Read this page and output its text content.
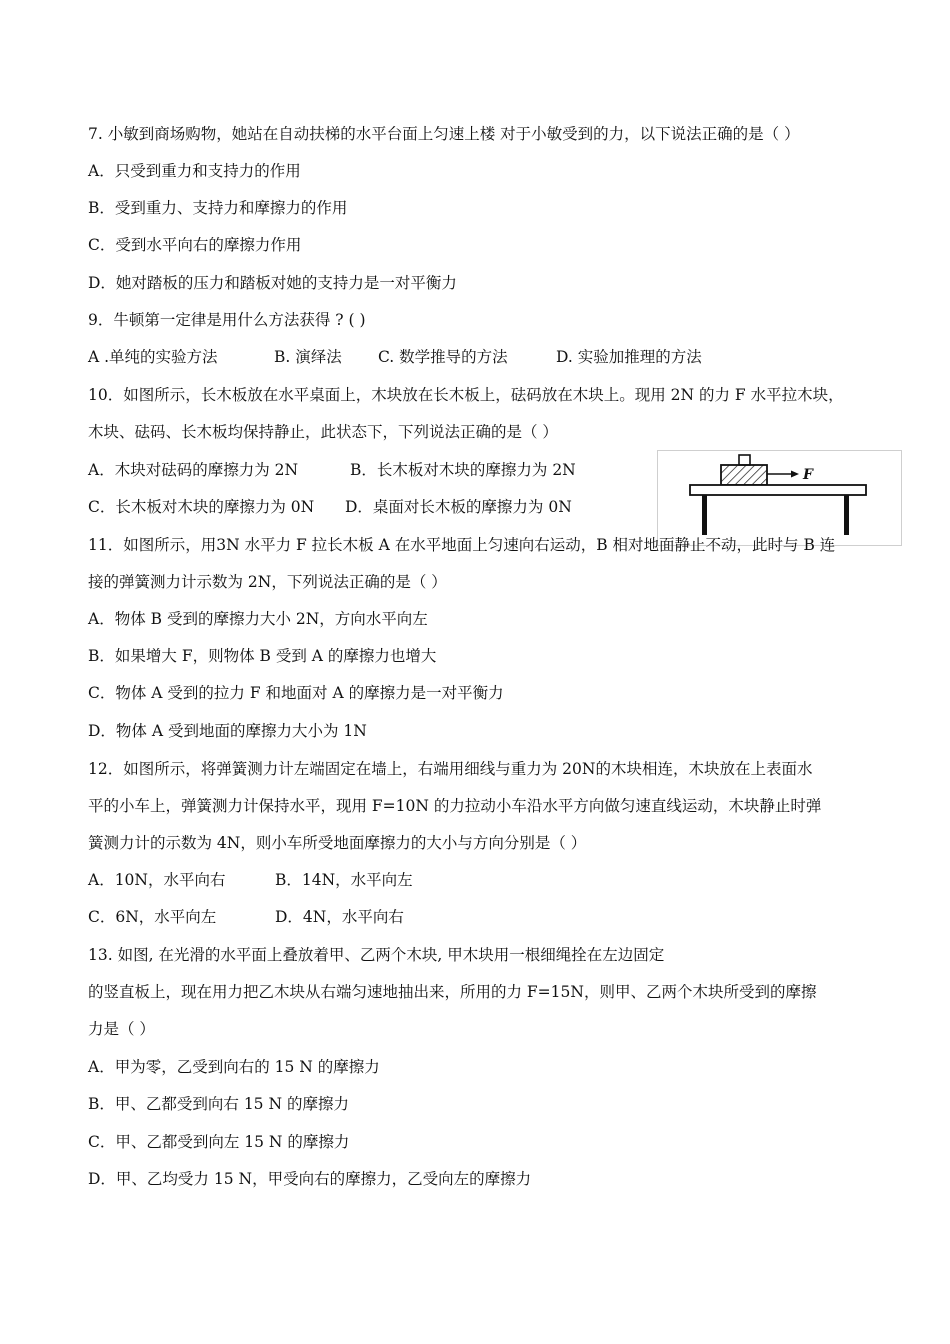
7. 小敏到商场购物，她站在自动扶梯的水平台面上匀速上楼 对于小敏受到的力，以下说法正确的是（ ）
A．只受到重力和支持力的作用
B．受到重力、支持力和摩擦力的作用
C．受到水平向右的摩擦力作用
D．她对踏板的压力和踏板对她的支持力是一对平衡力
9．牛顿第一定律是用什么方法获得 ? ( )
A .单纯的实验方法	B. 演绎法 C. 数学推导的方法	D. 实验加推理的方法
10．如图所示，长木板放在水平桌面上，木块放在长木板上，砝码放在木块上。现用 2N 的力 F 水平拉木块，
木块、砝码、长木板均保持静止，此状态下，下列说法正确的是（ ）
A．木块对砝码的摩擦力为 2N	B．长木板对木块的摩擦力为 2N
C．长木板对木块的摩擦力为 0N D．桌面对长木板的摩擦力为 0N
F
11．如图所示，用3N 水平力 F 拉长木板 A 在水平地面上匀速向右运动，B 相对地面静止不动，此时与 B 连
接的弹簧测力计示数为 2N，下列说法正确的是（ ）
A．物体 B 受到的摩擦力大小 2N，方向水平向左
B．如果增大 F，则物体 B 受到 A 的摩擦力也增大
C．物体 A 受到的拉力 F 和地面对 A 的摩擦力是一对平衡力
D．物体 A 受到地面的摩擦力大小为 1N
12．如图所示，将弹簧测力计左端固定在墙上，右端用细线与重力为 20N的木块相连，木块放在上表面水
平的小车上，弹簧测力计保持水平，现用 F=10N 的力拉动小车沿水平方向做匀速直线运动，木块静止时弹
簧测力计的示数为 4N，则小车所受地面摩擦力的大小与方向分别是（ ）
A．10N，水平向右	B．14N，水平向左
C．6N，水平向左	D．4N，水平向右
13. 如图, 在光滑的水平面上叠放着甲、乙两个木块, 甲木块用一根细绳拴在左边固定
的竖直板上，现在用力把乙木块从右端匀速地抽出来，所用的力 F=15N，则甲、乙两个木块所受到的摩擦
力是（ ）
A．甲为零，乙受到向右的 15 N 的摩擦力
B．甲、乙都受到向右 15 N 的摩擦力
C．甲、乙都受到向左 15 N 的摩擦力
D．甲、乙均受力 15 N，甲受向右的摩擦力，乙受向左的摩擦力
